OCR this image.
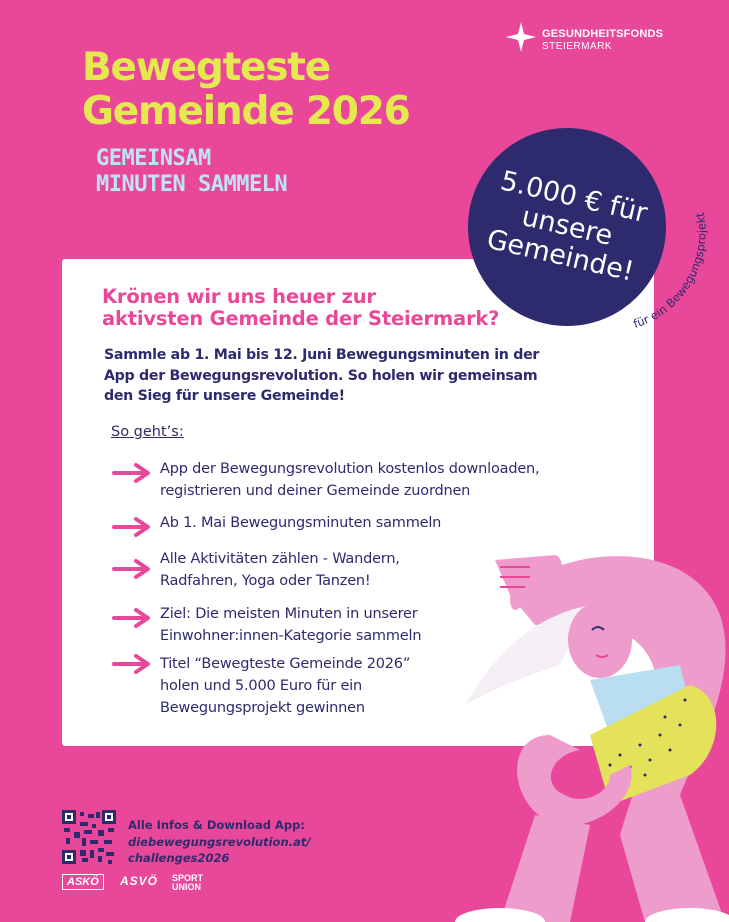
GESUNDHEITSFONDS
STEIERMARK
Bewegteste
Gemeinde 2026
GEMEINSAM
MINUTEN SAMMELN	5.000 € für
unsere
Gemeinde!
für ein Bewegungsprojekt
Krönen wir uns heuer zur
aktivsten Gemeinde der Steiermark?
Sammle ab 1. Mai bis 12. Juni Bewegungsminuten in der App der Bewegungsrevolution. So holen wir gemeinsam den Sieg für unsere Gemeinde!
So geht’s:
App der Bewegungsrevolution kostenlos downloaden,
registrieren und deiner Gemeinde zuordnen
Ab 1. Mai Bewegungsminuten sammeln
Alle Aktivitäten zählen - Wandern,
Radfahren, Yoga oder Tanzen!
Ziel: Die meisten Minuten in unserer
Einwohner:innen-Kategorie sammeln
Titel “Bewegteste Gemeinde 2026”
holen und 5.000 Euro für ein
Bewegungsprojekt gewinnen
Alle Infos & Download App:
diebewegungsrevolution.at/
challenges2026
ASKÖ	ASVÖ SPORT UNION
